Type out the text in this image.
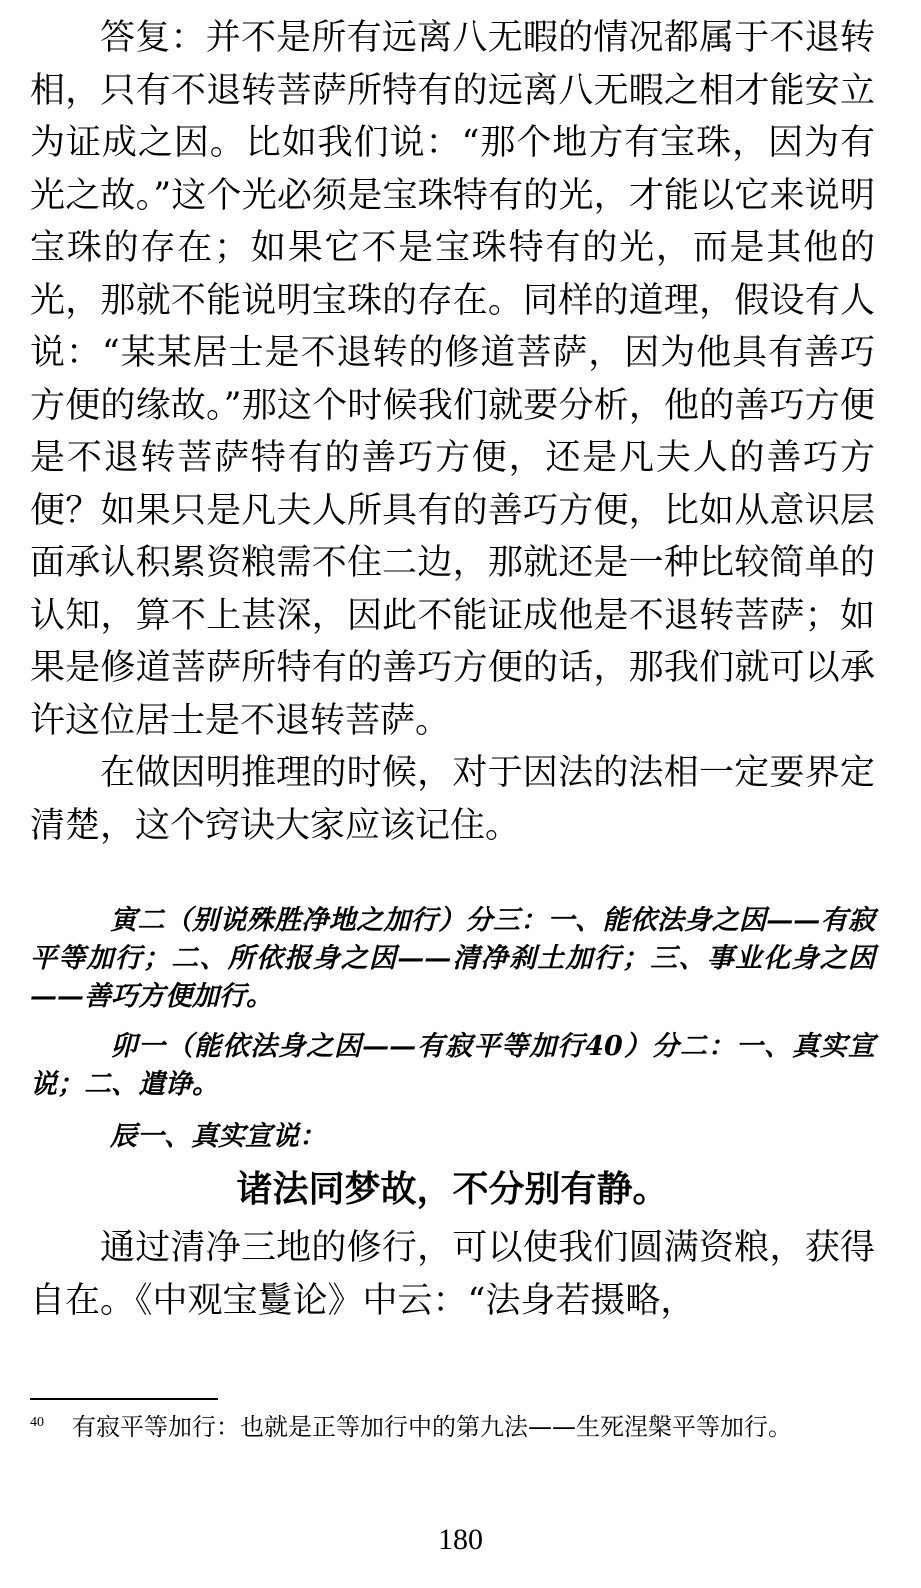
答复：并不是所有远离八无暇的情况都属于不退转相，只有不退转菩萨所特有的远离八无暇之相才能安立为证成之因。比如我们说：“那个地方有宝珠，因为有光之故。”这个光必须是宝珠特有的光，才能以它来说明宝珠的存在；如果它不是宝珠特有的光，而是其他的光，那就不能说明宝珠的存在。同样的道理，假设有人说：“某某居士是不退转的修道菩萨，因为他具有善巧方便的缘故。”那这个时候我们就要分析，他的善巧方便是不退转菩萨特有的善巧方便，还是凡夫人的善巧方便？如果只是凡夫人所具有的善巧方便，比如从意识层面承认积累资粮需不住二边，那就还是一种比较简单的认知，算不上甚深，因此不能证成他是不退转菩萨；如果是修道菩萨所特有的善巧方便的话，那我们就可以承许这位居士是不退转菩萨。

在做因明推理的时候，对于因法的法相一定要界定清楚，这个窍诀大家应该记住。

寅二（别说殊胜净地之加行）分三：一、能依法身之因——有寂平等加行；二、所依报身之因——清净刹土加行；三、事业化身之因——善巧方便加行。

卯一（能依法身之因——有寂平等加行40）分二：一、真实宣说；二、遣诤。

辰一、真实宣说：

诸法同梦故，不分别有静。

通过清净三地的修行，可以使我们圆满资粮，获得自在。《中观宝鬘论》中云：“法身若摄略，

$^{40}$ 有寂平等加行：也就是正等加行中的第九法——生死涅槃平等加行。

180
